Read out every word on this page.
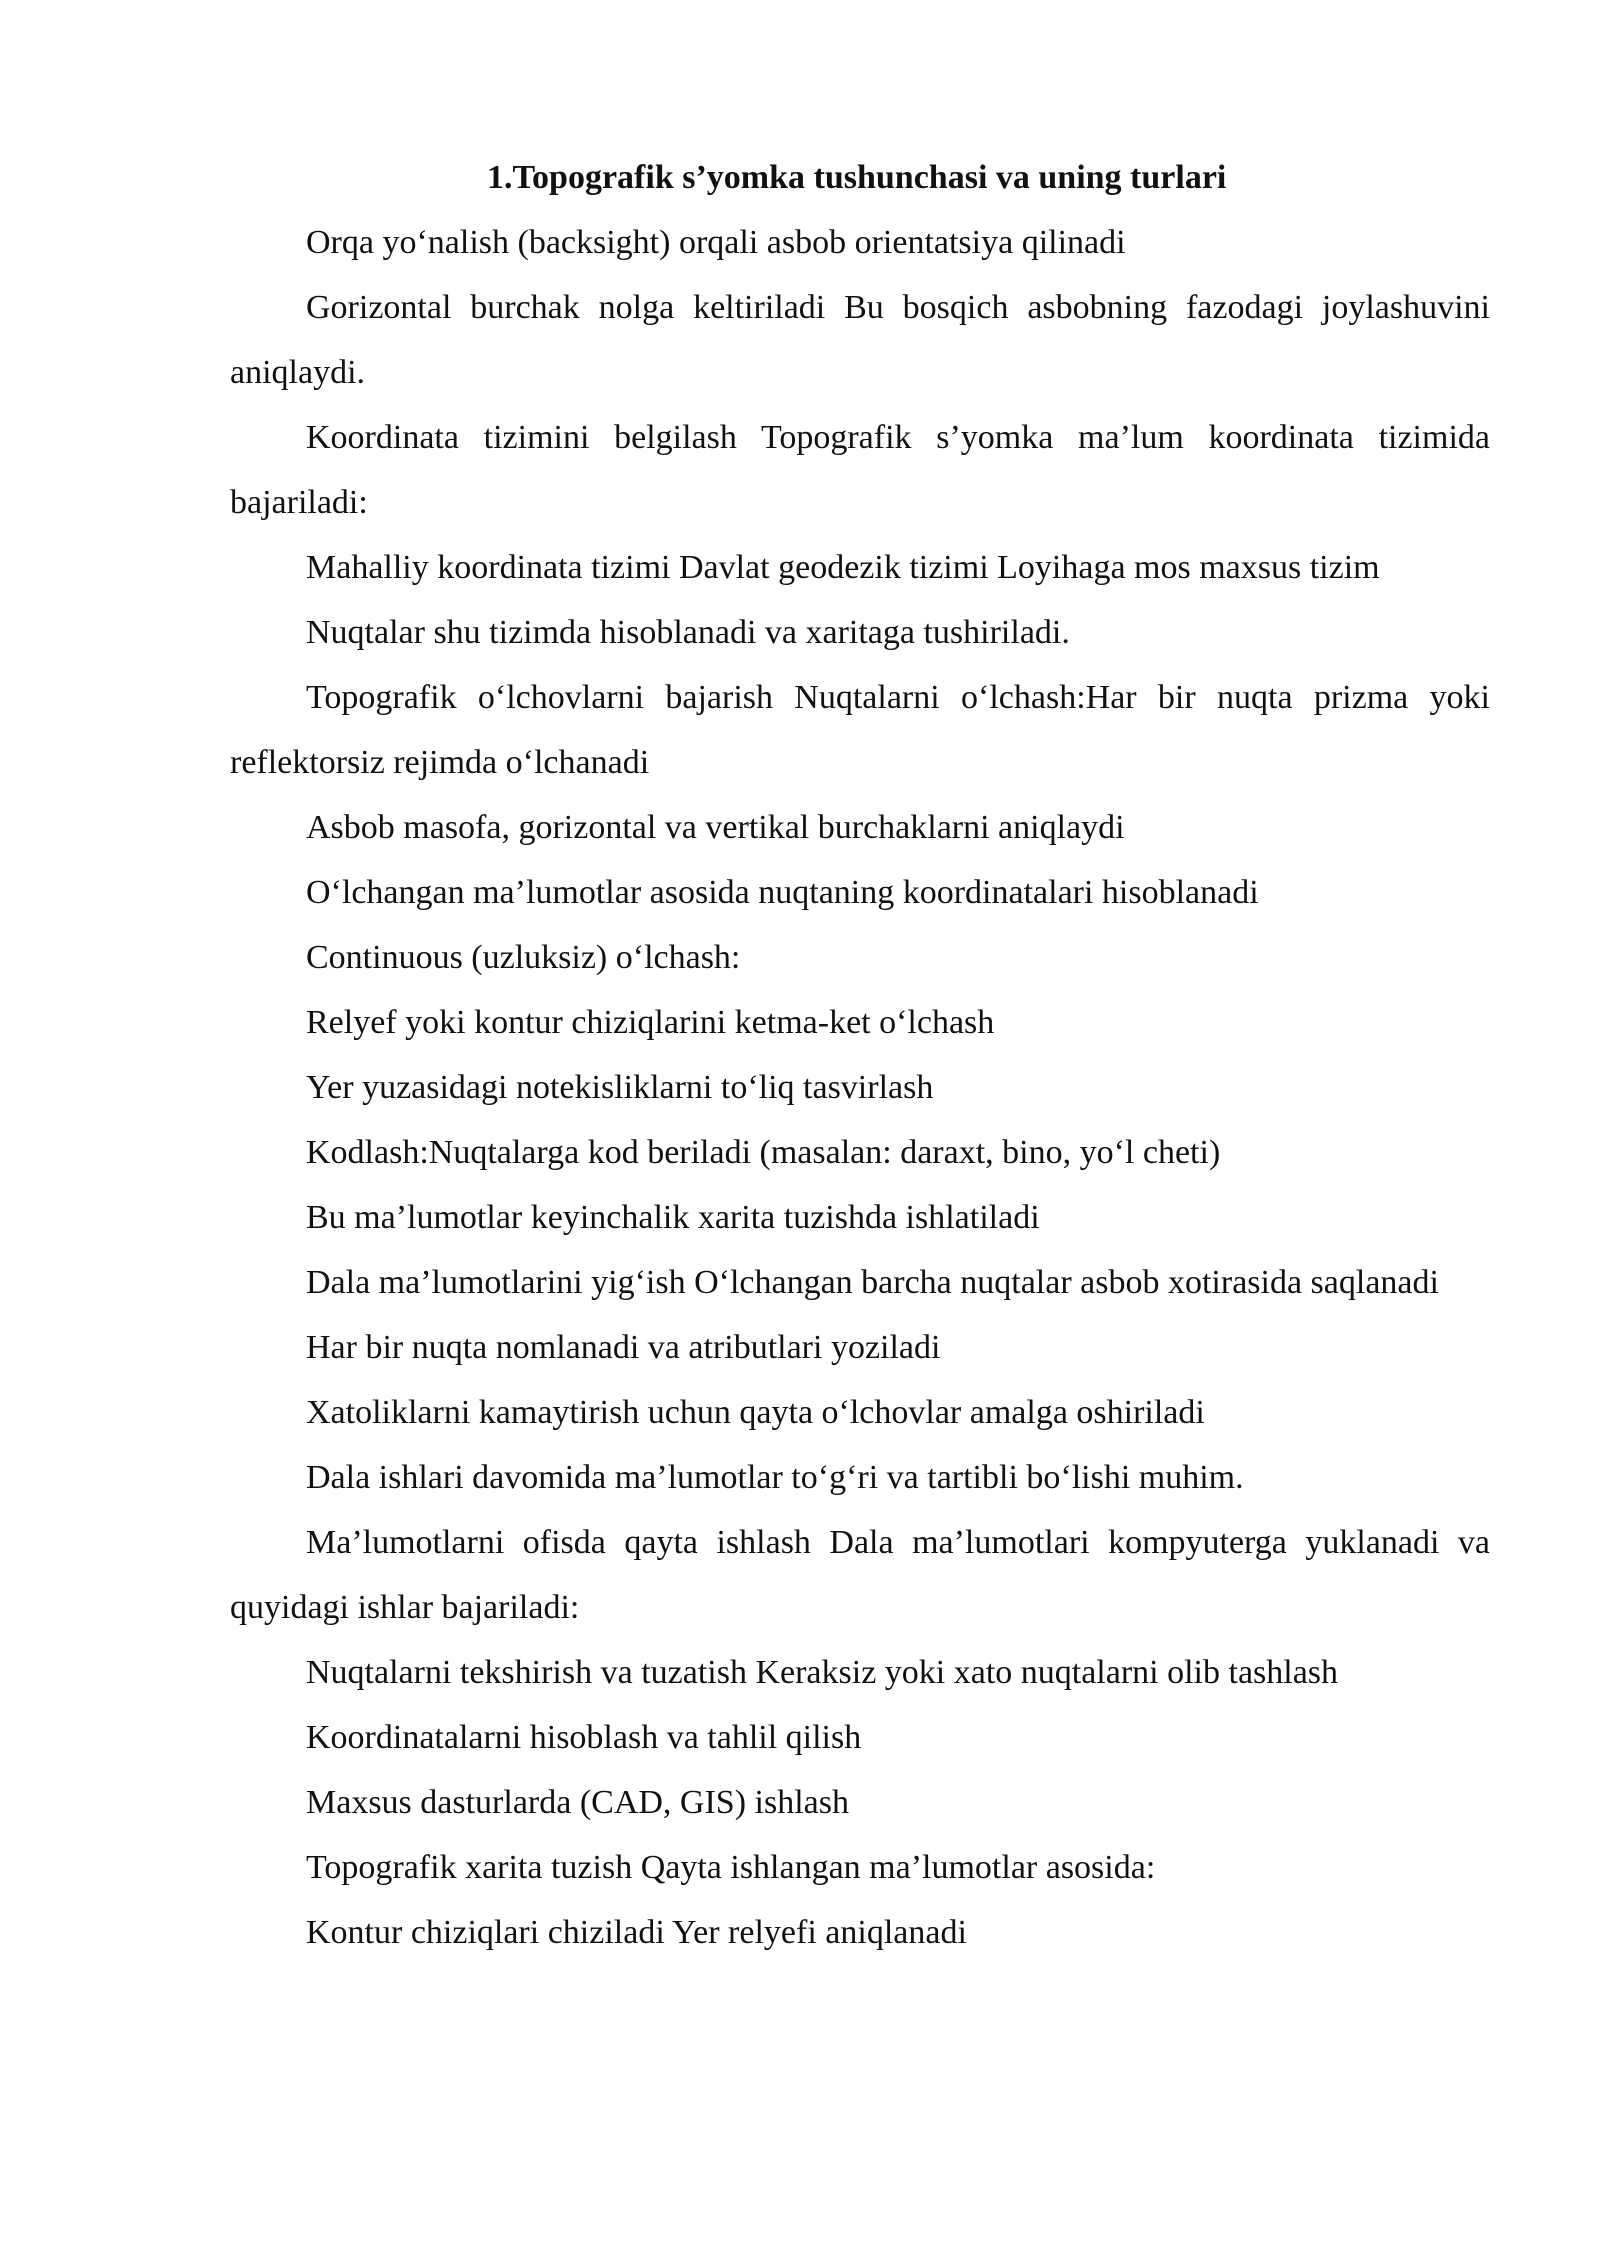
1.Topografik s’yomka tushunchasi va uning turlari

Orqa yo‘nalish (backsight) orqali asbob orientatsiya qilinadi

Gorizontal burchak nolga keltiriladi Bu bosqich asbobning fazodagi joylashuvini aniqlaydi.

Koordinata tizimini belgilash Topografik s’yomka ma’lum koordinata tizimida bajariladi:

Mahalliy koordinata tizimi Davlat geodezik tizimi Loyihaga mos maxsus tizim

Nuqtalar shu tizimda hisoblanadi va xaritaga tushiriladi.

Topografik o‘lchovlarni bajarish Nuqtalarni o‘lchash:Har bir nuqta prizma yoki reflektorsiz rejimda o‘lchanadi

Asbob masofa, gorizontal va vertikal burchaklarni aniqlaydi

O‘lchangan ma’lumotlar asosida nuqtaning koordinatalari hisoblanadi

Continuous (uzluksiz) o‘lchash:

Relyef yoki kontur chiziqlarini ketma-ket o‘lchash

Yer yuzasidagi notekisliklarni to‘liq tasvirlash

Kodlash:Nuqtalarga kod beriladi (masalan: daraxt, bino, yo‘l cheti)

Bu ma’lumotlar keyinchalik xarita tuzishda ishlatiladi

Dala ma’lumotlarini yig‘ish O‘lchangan barcha nuqtalar asbob xotirasida saqlanadi

Har bir nuqta nomlanadi va atributlari yoziladi

Xatoliklarni kamaytirish uchun qayta o‘lchovlar amalga oshiriladi

Dala ishlari davomida ma’lumotlar to‘g‘ri va tartibli bo‘lishi muhim.

Ma’lumotlarni ofisda qayta ishlash Dala ma’lumotlari kompyuterga yuklanadi va quyidagi ishlar bajariladi:

Nuqtalarni tekshirish va tuzatish Keraksiz yoki xato nuqtalarni olib tashlash

Koordinatalarni hisoblash va tahlil qilish

Maxsus dasturlarda (CAD, GIS) ishlash

Topografik xarita tuzish Qayta ishlangan ma’lumotlar asosida:

Kontur chiziqlari chiziladi Yer relyefi aniqlanadi
